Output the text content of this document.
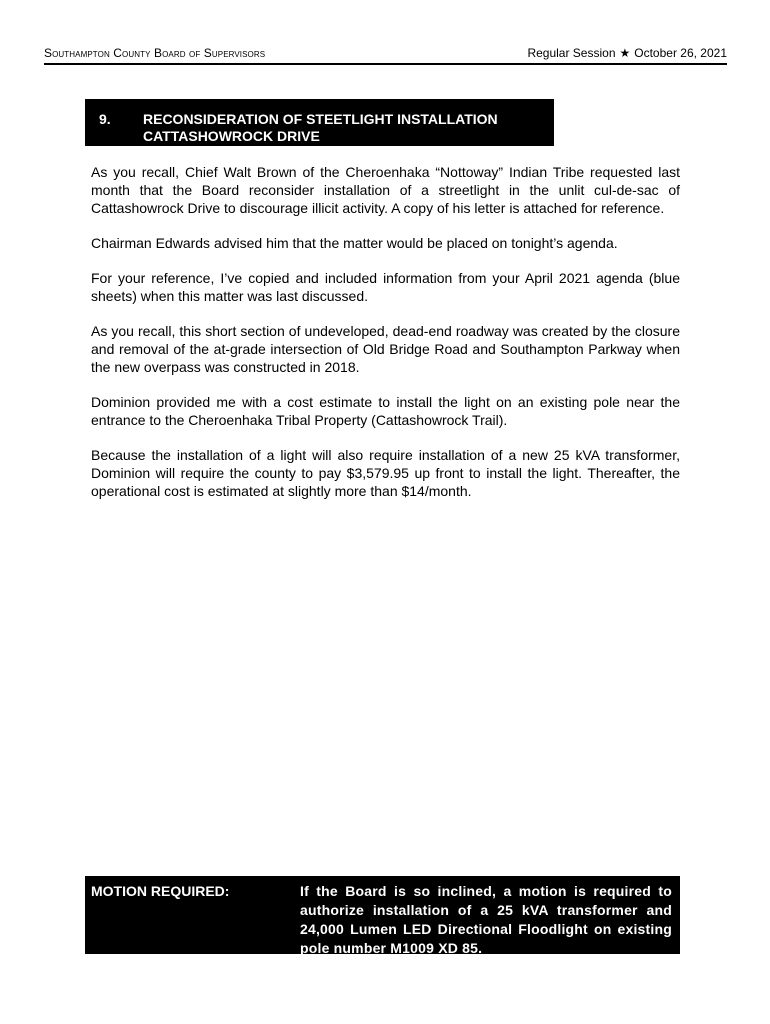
Southampton County Board of Supervisors	Regular Session ★ October 26, 2021
9. RECONSIDERATION OF STEETLIGHT INSTALLATION
CATTASHOWROCK DRIVE

As you recall, Chief Walt Brown of the Cheroenhaka “Nottoway” Indian Tribe requested last month that the Board reconsider installation of a streetlight in the unlit cul-de-sac of Cattashowrock Drive to discourage illicit activity. A copy of his letter is attached for reference.

Chairman Edwards advised him that the matter would be placed on tonight’s agenda.

For your reference, I’ve copied and included information from your April 2021 agenda (blue sheets) when this matter was last discussed.

As you recall, this short section of undeveloped, dead-end roadway was created by the closure and removal of the at-grade intersection of Old Bridge Road and Southampton Parkway when the new overpass was constructed in 2018.

Dominion provided me with a cost estimate to install the light on an existing pole near the entrance to the Cheroenhaka Tribal Property (Cattashowrock Trail).

Because the installation of a light will also require installation of a new 25 kVA transformer, Dominion will require the county to pay $3,579.95 up front to install the light. Thereafter, the operational cost is estimated at slightly more than $14/month.

MOTION REQUIRED:	If the Board is so inclined, a motion is required to authorize installation of a 25 kVA transformer and 24,000 Lumen LED Directional Floodlight on existing pole number M1009 XD 85.
